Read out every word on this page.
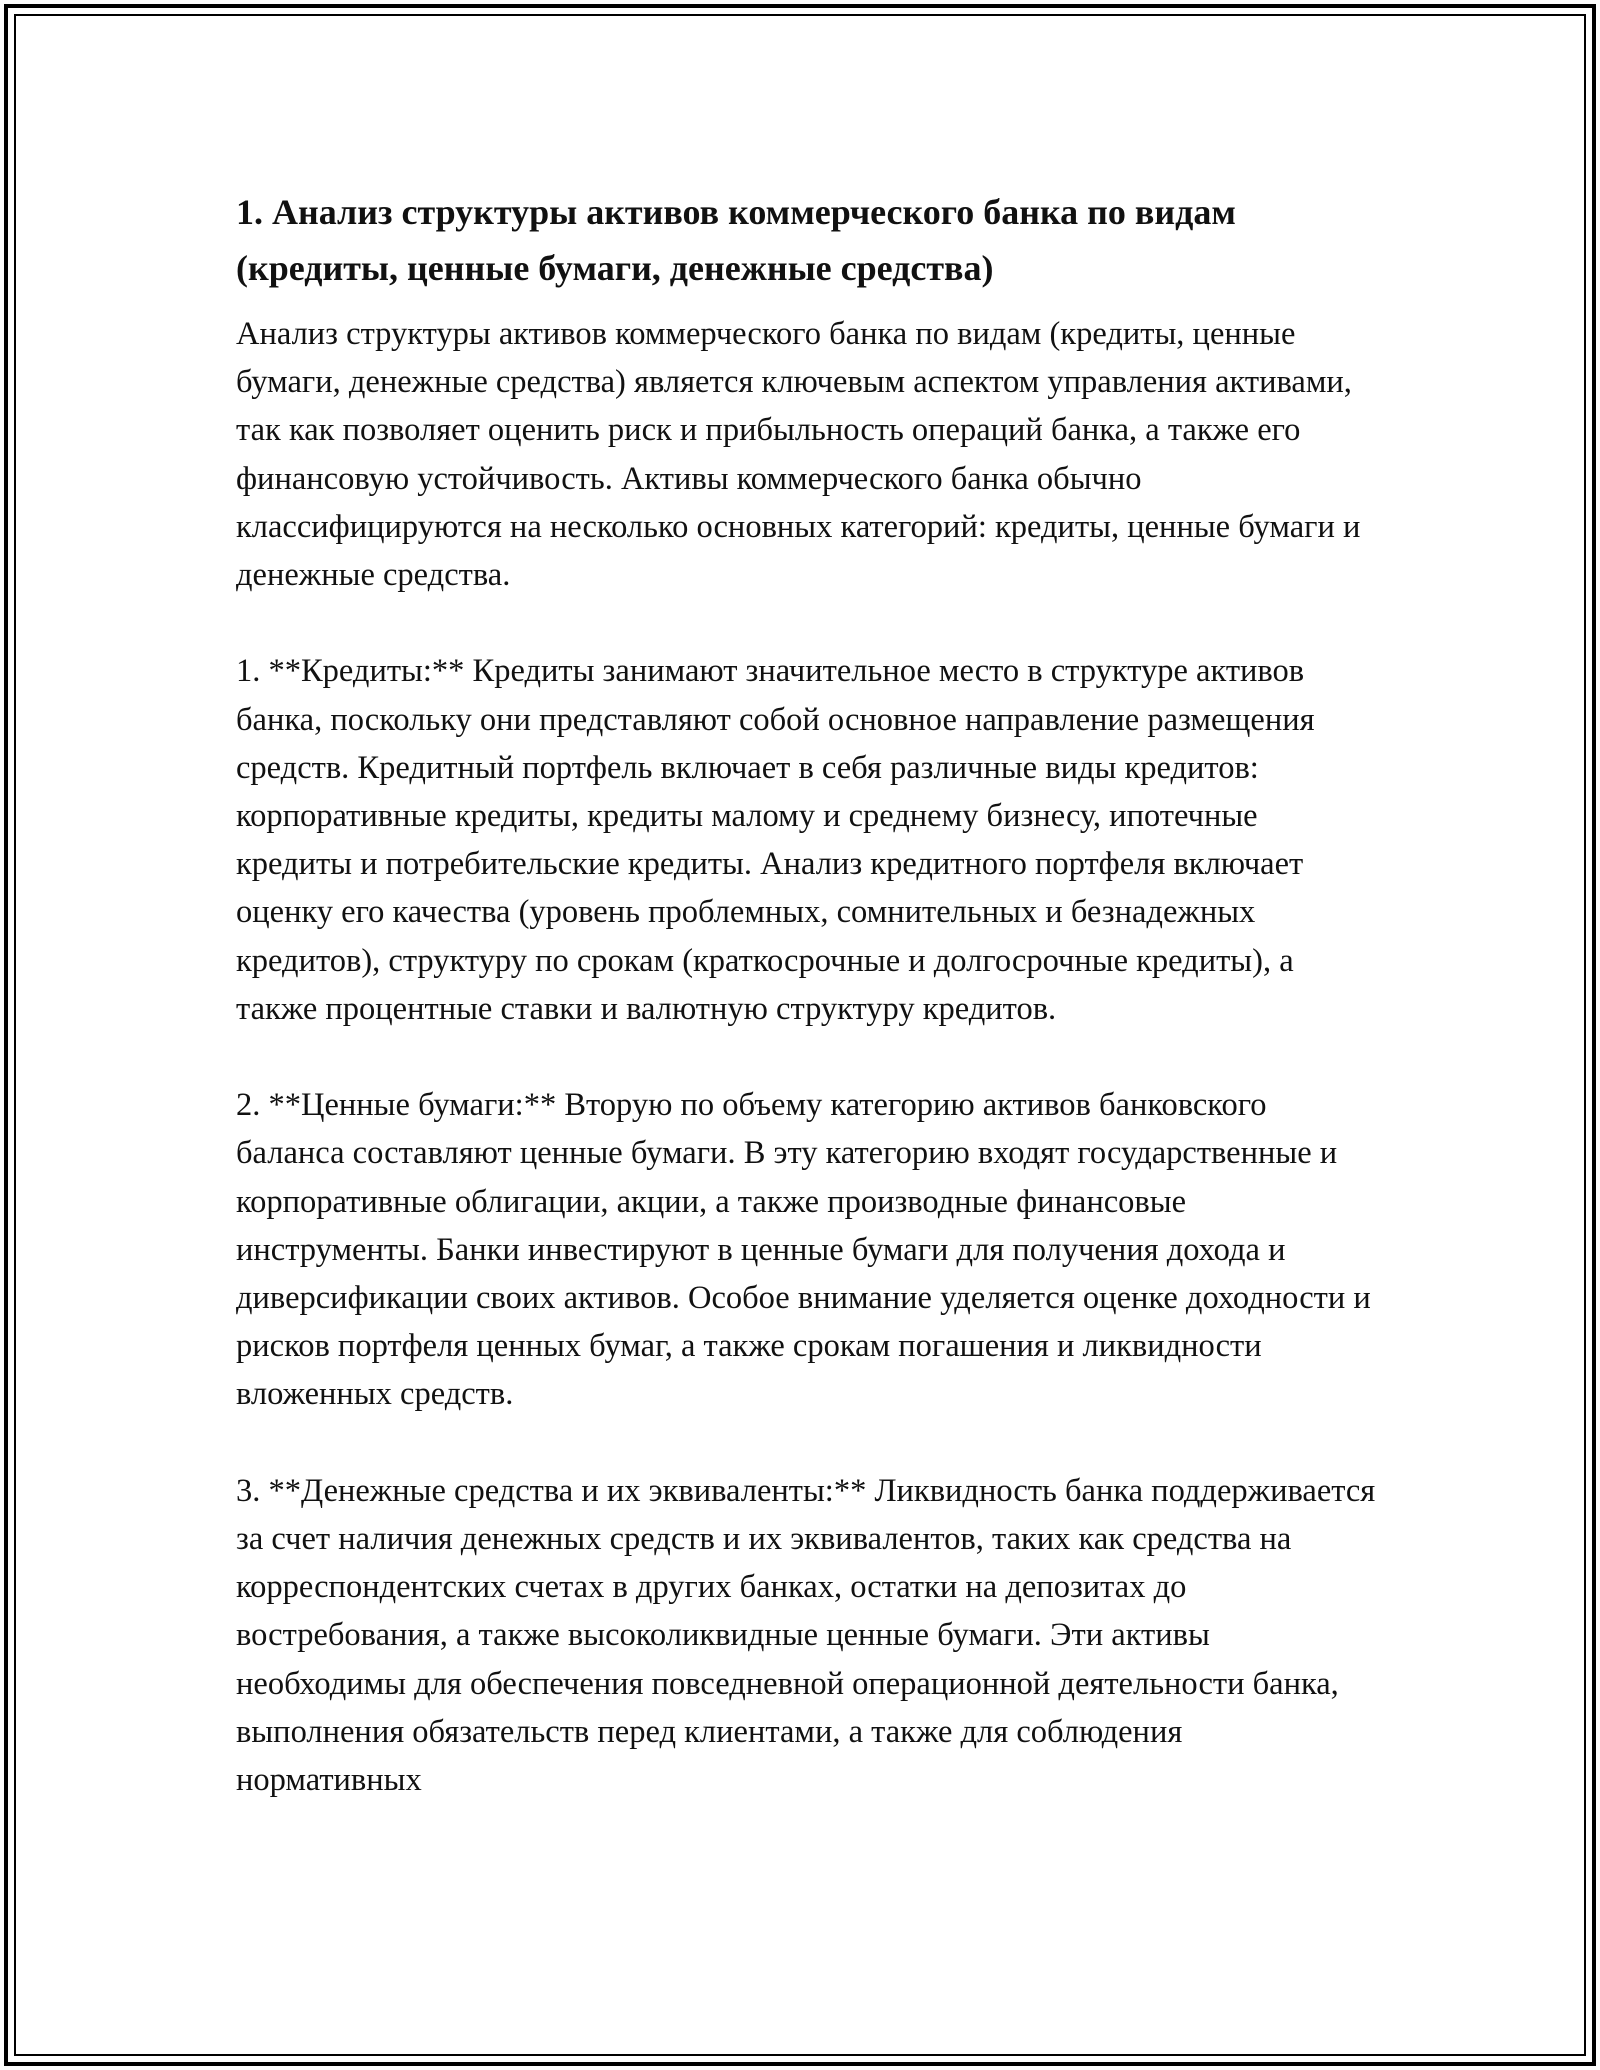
1. Анализ структуры активов коммерческого банка по видам (кредиты, ценные бумаги, денежные средства)

Анализ структуры активов коммерческого банка по видам (кредиты, ценные бумаги, денежные средства) является ключевым аспектом управления активами, так как позволяет оценить риск и прибыльность операций банка, а также его финансовую устойчивость. Активы коммерческого банка обычно классифицируются на несколько основных категорий: кредиты, ценные бумаги и денежные средства.

1. **Кредиты:** Кредиты занимают значительное место в структуре активов банка, поскольку они представляют собой основное направление размещения средств. Кредитный портфель включает в себя различные виды кредитов: корпоративные кредиты, кредиты малому и среднему бизнесу, ипотечные кредиты и потребительские кредиты. Анализ кредитного портфеля включает оценку его качества (уровень проблемных, сомнительных и безнадежных кредитов), структуру по срокам (краткосрочные и долгосрочные кредиты), а также процентные ставки и валютную структуру кредитов.

2. **Ценные бумаги:** Вторую по объему категорию активов банковского баланса составляют ценные бумаги. В эту категорию входят государственные и корпоративные облигации, акции, а также производные финансовые инструменты. Банки инвестируют в ценные бумаги для получения дохода и диверсификации своих активов. Особое внимание уделяется оценке доходности и рисков портфеля ценных бумаг, а также срокам погашения и ликвидности вложенных средств.

3. **Денежные средства и их эквиваленты:** Ликвидность банка поддерживается за счет наличия денежных средств и их эквивалентов, таких как средства на корреспондентских счетах в других банках, остатки на депозитах до востребования, а также высоколиквидные ценные бумаги. Эти активы необходимы для обеспечения повседневной операционной деятельности банка, выполнения обязательств перед клиентами, а также для соблюдения нормативных
